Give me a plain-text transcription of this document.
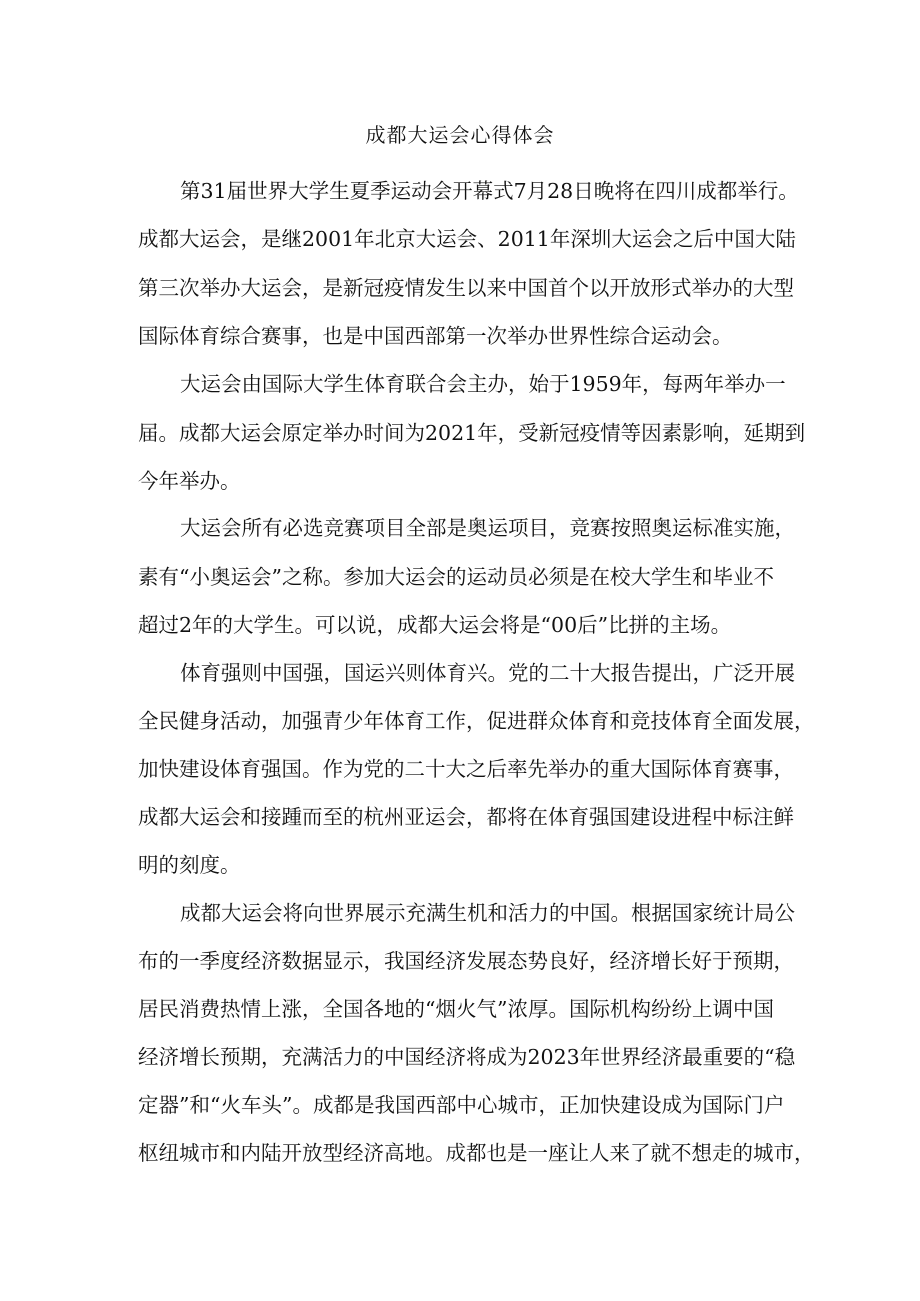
成都大运会心得体会

第31届世界大学生夏季运动会开幕式7月28日晚将在四川成都举行。

成都大运会，是继2001年北京大运会、2011年深圳大运会之后中国大陆

第三次举办大运会，是新冠疫情发生以来中国首个以开放形式举办的大型

国际体育综合赛事，也是中国西部第一次举办世界性综合运动会。

大运会由国际大学生体育联合会主办，始于1959年，每两年举办一

届。成都大运会原定举办时间为2021年，受新冠疫情等因素影响，延期到

今年举办。

大运会所有必选竞赛项目全部是奥运项目，竞赛按照奥运标准实施，

素有“小奥运会”之称。参加大运会的运动员必须是在校大学生和毕业不

超过2年的大学生。可以说，成都大运会将是“00后”比拼的主场。

体育强则中国强，国运兴则体育兴。党的二十大报告提出，广泛开展

全民健身活动，加强青少年体育工作，促进群众体育和竞技体育全面发展，

加快建设体育强国。作为党的二十大之后率先举办的重大国际体育赛事，

成都大运会和接踵而至的杭州亚运会，都将在体育强国建设进程中标注鲜

明的刻度。

成都大运会将向世界展示充满生机和活力的中国。根据国家统计局公

布的一季度经济数据显示，我国经济发展态势良好，经济增长好于预期，

居民消费热情上涨，全国各地的“烟火气”浓厚。国际机构纷纷上调中国

经济增长预期，充满活力的中国经济将成为2023年世界经济最重要的“稳

定器”和“火车头”。成都是我国西部中心城市，正加快建设成为国际门户

枢纽城市和内陆开放型经济高地。成都也是一座让人来了就不想走的城市，
